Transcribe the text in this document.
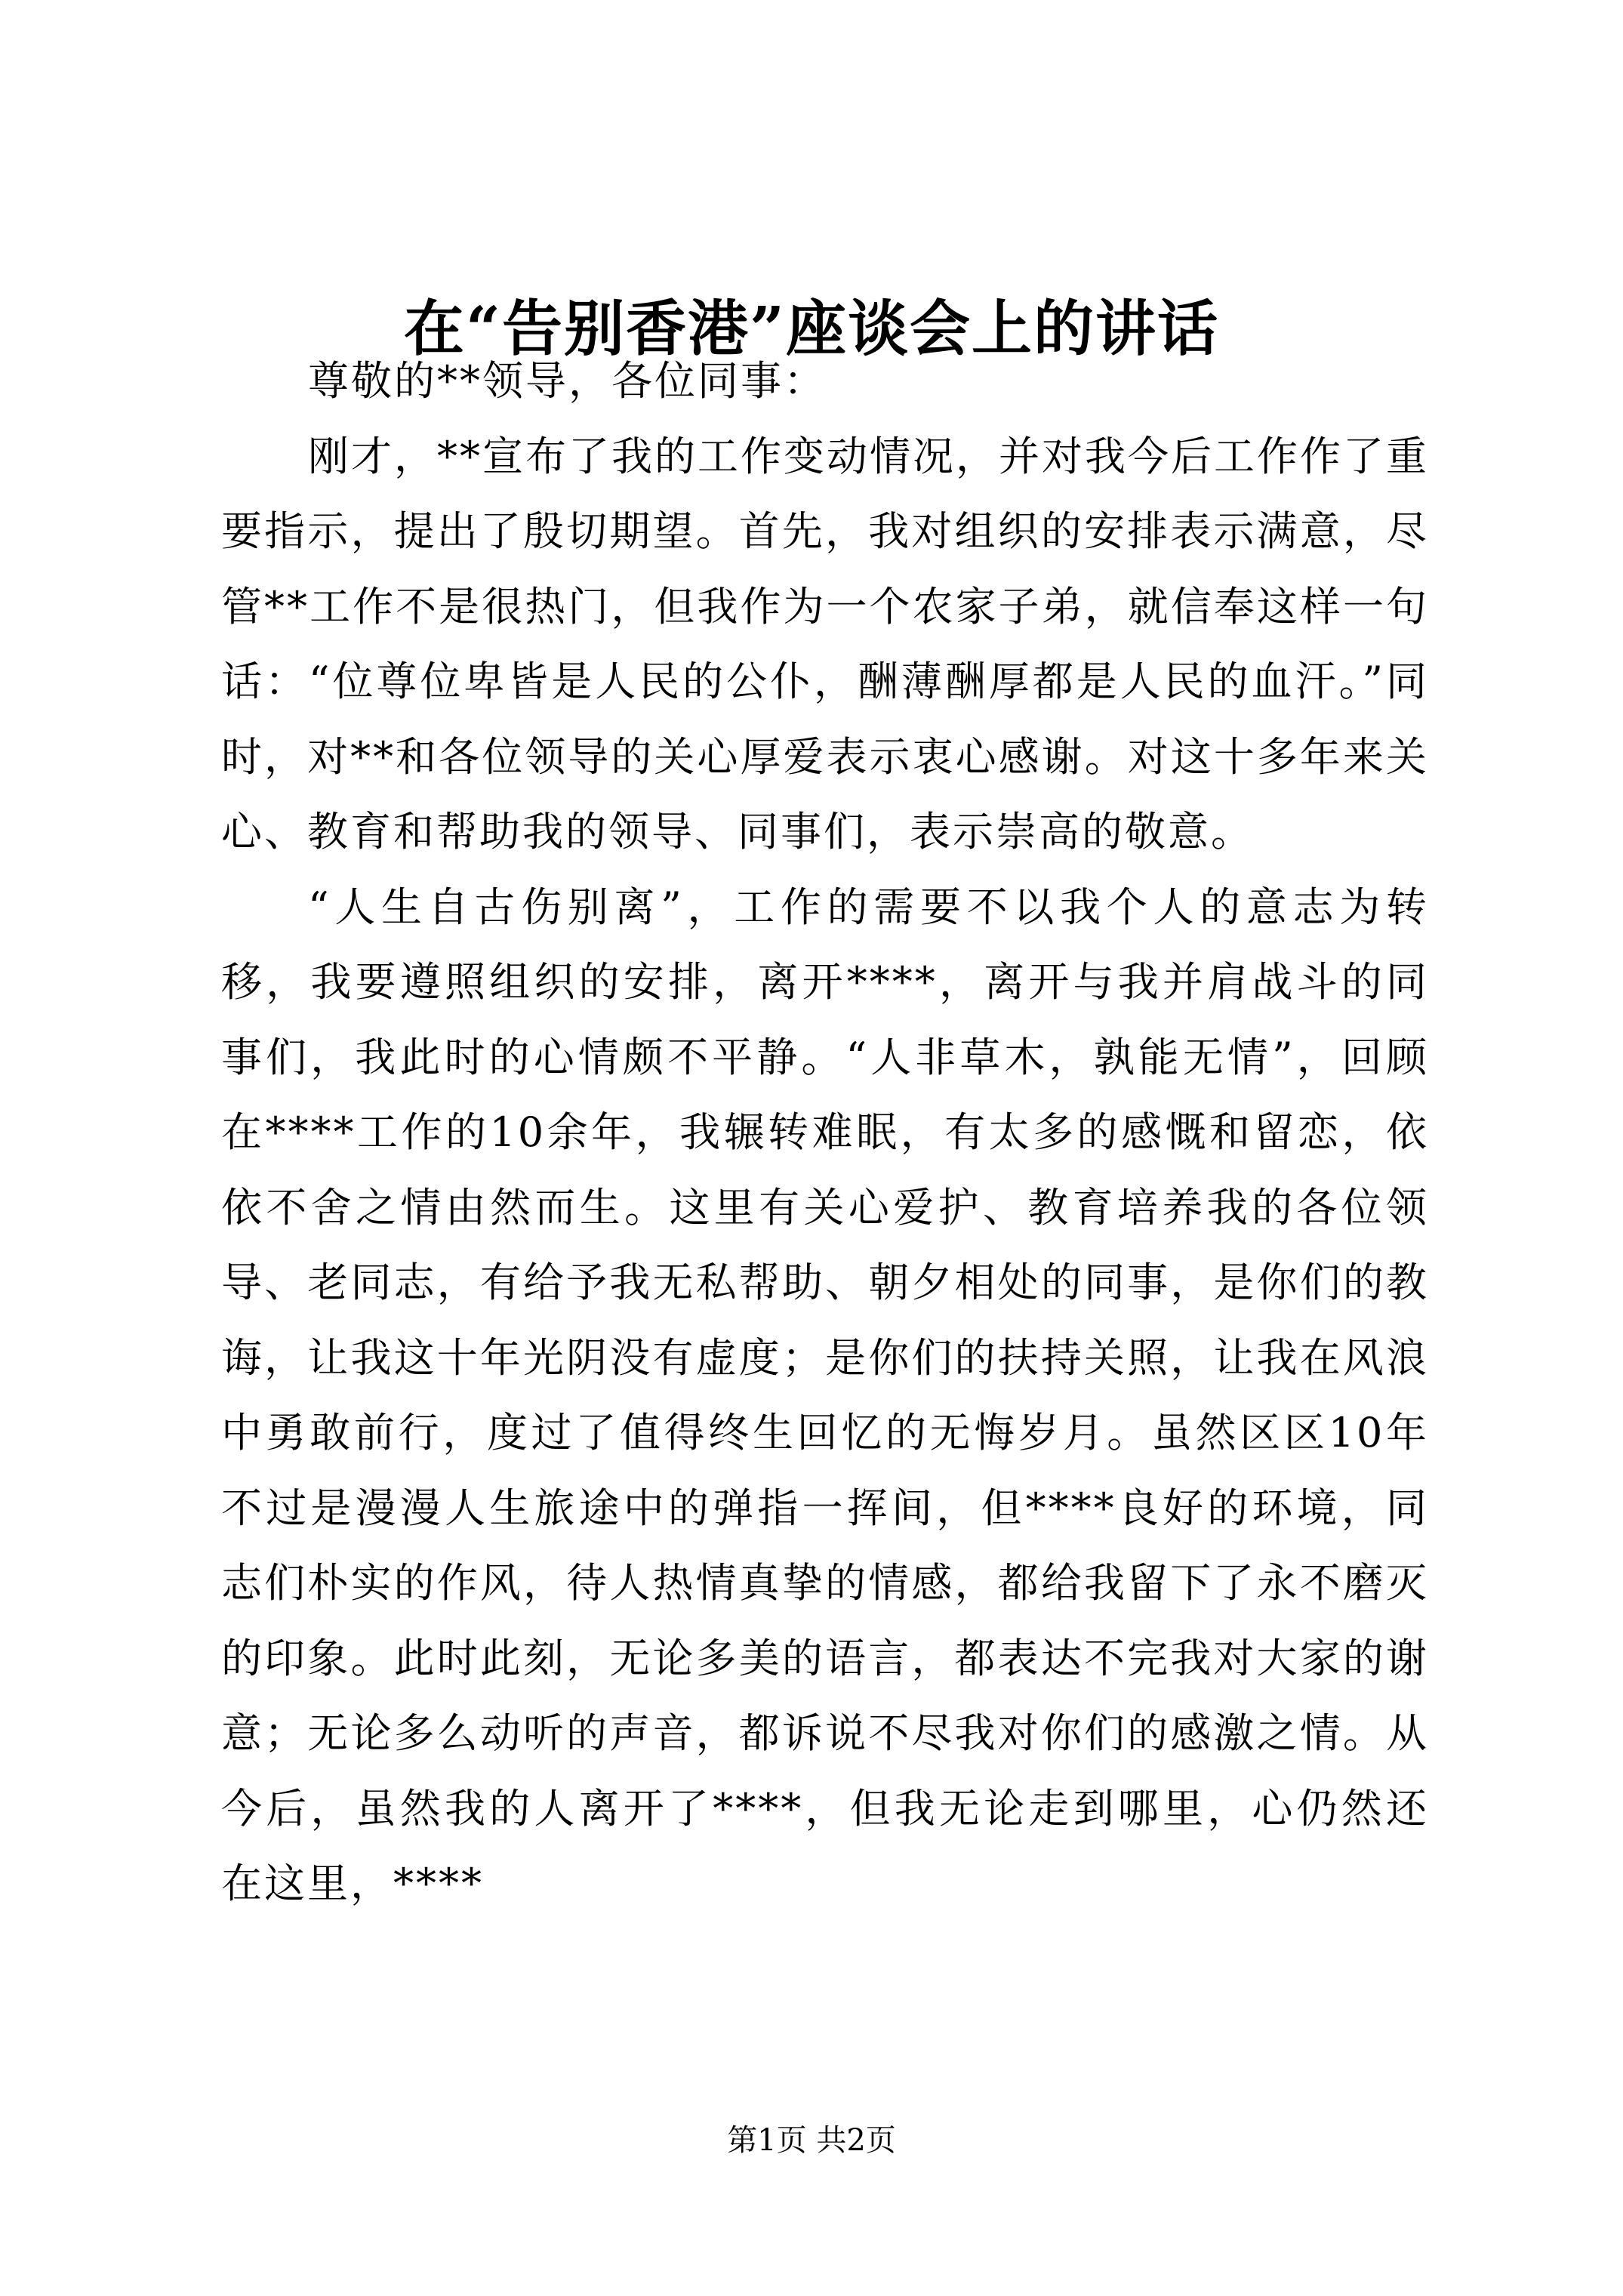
在“告别香港”座谈会上的讲话

尊敬的**领导，各位同事：

刚才，**宣布了我的工作变动情况，并对我今后工作作了重要指示，提出了殷切期望。首先，我对组织的安排表示满意，尽管**工作不是很热门，但我作为一个农家子弟，就信奉这样一句话：“位尊位卑皆是人民的公仆，酬薄酬厚都是人民的血汗。”同时，对**和各位领导的关心厚爱表示衷心感谢。对这十多年来关心、教育和帮助我的领导、同事们，表示崇高的敬意。

“人生自古伤别离”，工作的需要不以我个人的意志为转移，我要遵照组织的安排，离开****，离开与我并肩战斗的同事们，我此时的心情颇不平静。“人非草木，孰能无情”，回顾在****工作的10余年，我辗转难眠，有太多的感慨和留恋，依依不舍之情由然而生。这里有关心爱护、教育培养我的各位领导、老同志，有给予我无私帮助、朝夕相处的同事，是你们的教诲，让我这十年光阴没有虚度；是你们的扶持关照，让我在风浪中勇敢前行，度过了值得终生回忆的无悔岁月。虽然区区10年不过是漫漫人生旅途中的弹指一挥间，但****良好的环境，同志们朴实的作风，待人热情真挚的情感，都给我留下了永不磨灭的印象。此时此刻，无论多美的语言，都表达不完我对大家的谢意；无论多么动听的声音，都诉说不尽我对你们的感激之情。从今后，虽然我的人离开了****，但我无论走到哪里，心仍然还在这里，****

第1页 共2页
